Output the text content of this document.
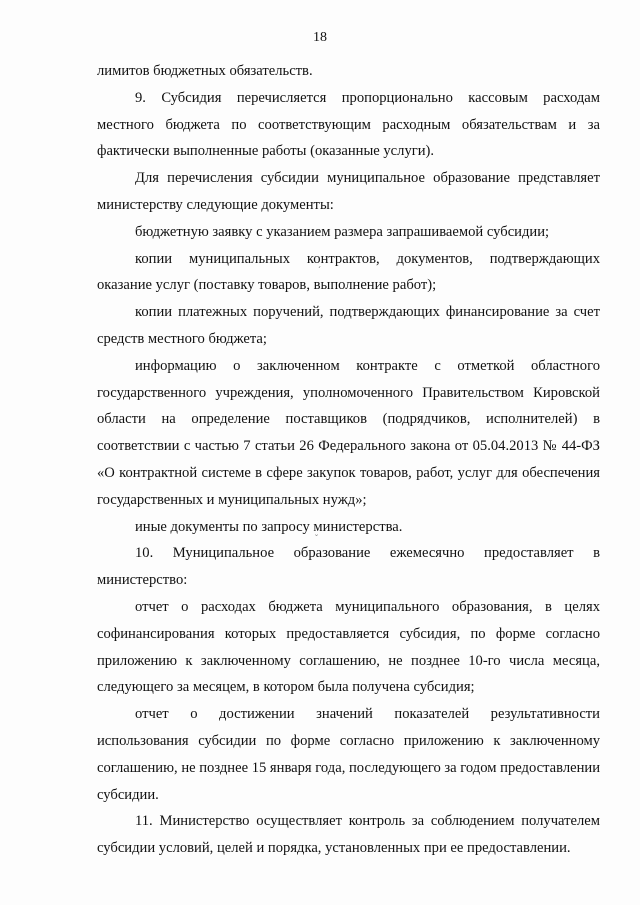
18

лимитов бюджетных обязательств.

9. Субсидия перечисляется пропорционально кассовым расходам местного бюджета по соответствующим расходным обязательствам и за фактически выполненные работы (оказанные услуги).

Для перечисления субсидии муниципальное образование представляет министерству следующие документы:

бюджетную заявку с указанием размера запрашиваемой субсидии;

копии муниципальных контрактов, документов, подтверждающих оказание услуг (поставку товаров, выполнение работ);

копии платежных поручений, подтверждающих финансирование за счет средств местного бюджета;

информацию о заключенном контракте с отметкой областного государственного учреждения, уполномоченного Правительством Кировской области на определение поставщиков (подрядчиков, исполнителей) в соответствии с частью 7 статьи 26 Федерального закона от 05.04.2013 № 44-ФЗ «О контрактной системе в сфере закупок товаров, работ, услуг для обеспечения государственных и муниципальных нужд»;

иные документы по запросу министерства.

10. Муниципальное образование ежемесячно предоставляет в министерство:

отчет о расходах бюджета муниципального образования, в целях софинансирования которых предоставляется субсидия, по форме согласно приложению к заключенному соглашению, не позднее 10-го числа месяца, следующего за месяцем, в котором была получена субсидия;

отчет о достижении значений показателей результативности использования субсидии по форме согласно приложению к заключенному соглашению, не позднее 15 января года, последующего за годом предоставлении субсидии.

11. Министерство осуществляет контроль за соблюдением получателем субсидии условий, целей и порядка, установленных при ее предоставлении.

´
˘
